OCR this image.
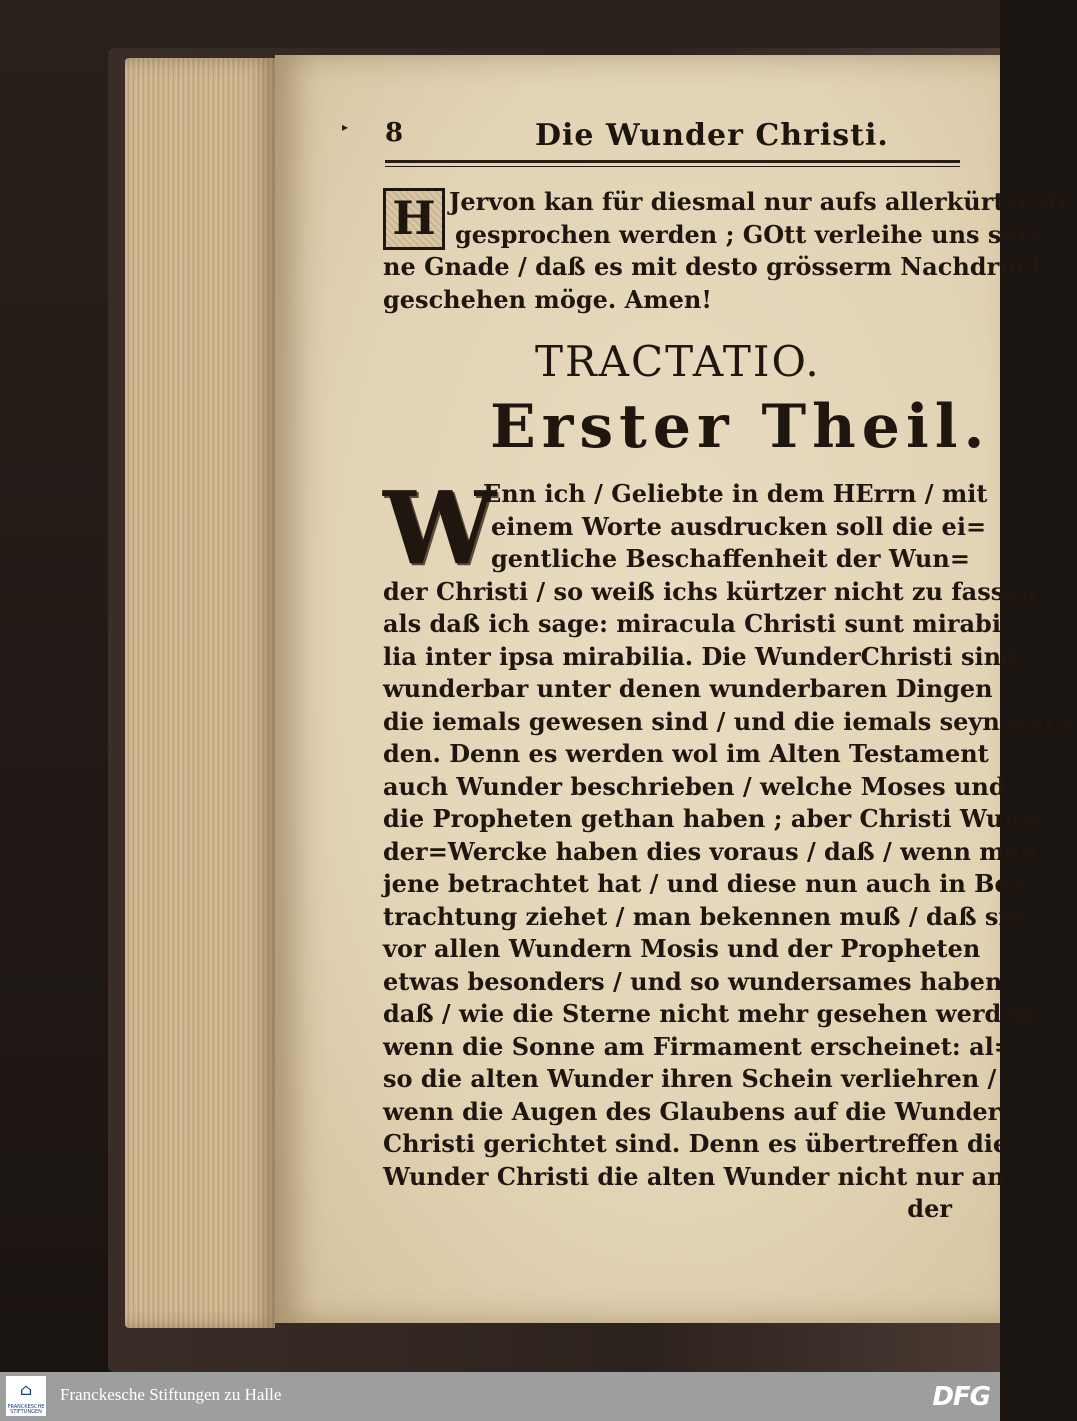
▸ 8	Die Wunder Christi.
H Jervon kan für diesmal nur aufs allerkürtzeste
gesprochen werden ; GOtt verleihe uns sei=
ne Gnade / daß es mit desto grösserm Nachdruck
geschehen möge. Amen!
TRACTATIO.
Erster Theil.
W
Enn ich / Geliebte in dem HErrn / mit
einem Worte ausdrucken soll die ei=
gentliche Beschaffenheit der Wun=
der Christi / so weiß ichs kürtzer nicht zu fassen /
als daß ich sage: miracula Christi sunt mirabi-
lia inter ipsa mirabilia. Die WunderChristi sind
wunderbar unter denen wunderbaren Dingen /
die iemals gewesen sind / und die iemals seyn wer=
den. Denn es werden wol im Alten Testament
auch Wunder beschrieben / welche Moses und
die Propheten gethan haben ; aber Christi Wun=
der=Wercke haben dies voraus / daß / wenn man
jene betrachtet hat / und diese nun auch in Be=
trachtung ziehet / man bekennen muß / daß sie
vor allen Wundern Mosis und der Propheten
etwas besonders / und so wundersames haben /
daß / wie die Sterne nicht mehr gesehen werden /
wenn die Sonne am Firmament erscheinet: al=
so die alten Wunder ihren Schein verliehren /
wenn die Augen des Glaubens auf die Wunder
Christi gerichtet sind. Denn es übertreffen die
Wunder Christi die alten Wunder nicht nur an
der
⌂
FRANCKESCHE STIFTUNGEN
Franckesche Stiftungen zu Halle	DFG
